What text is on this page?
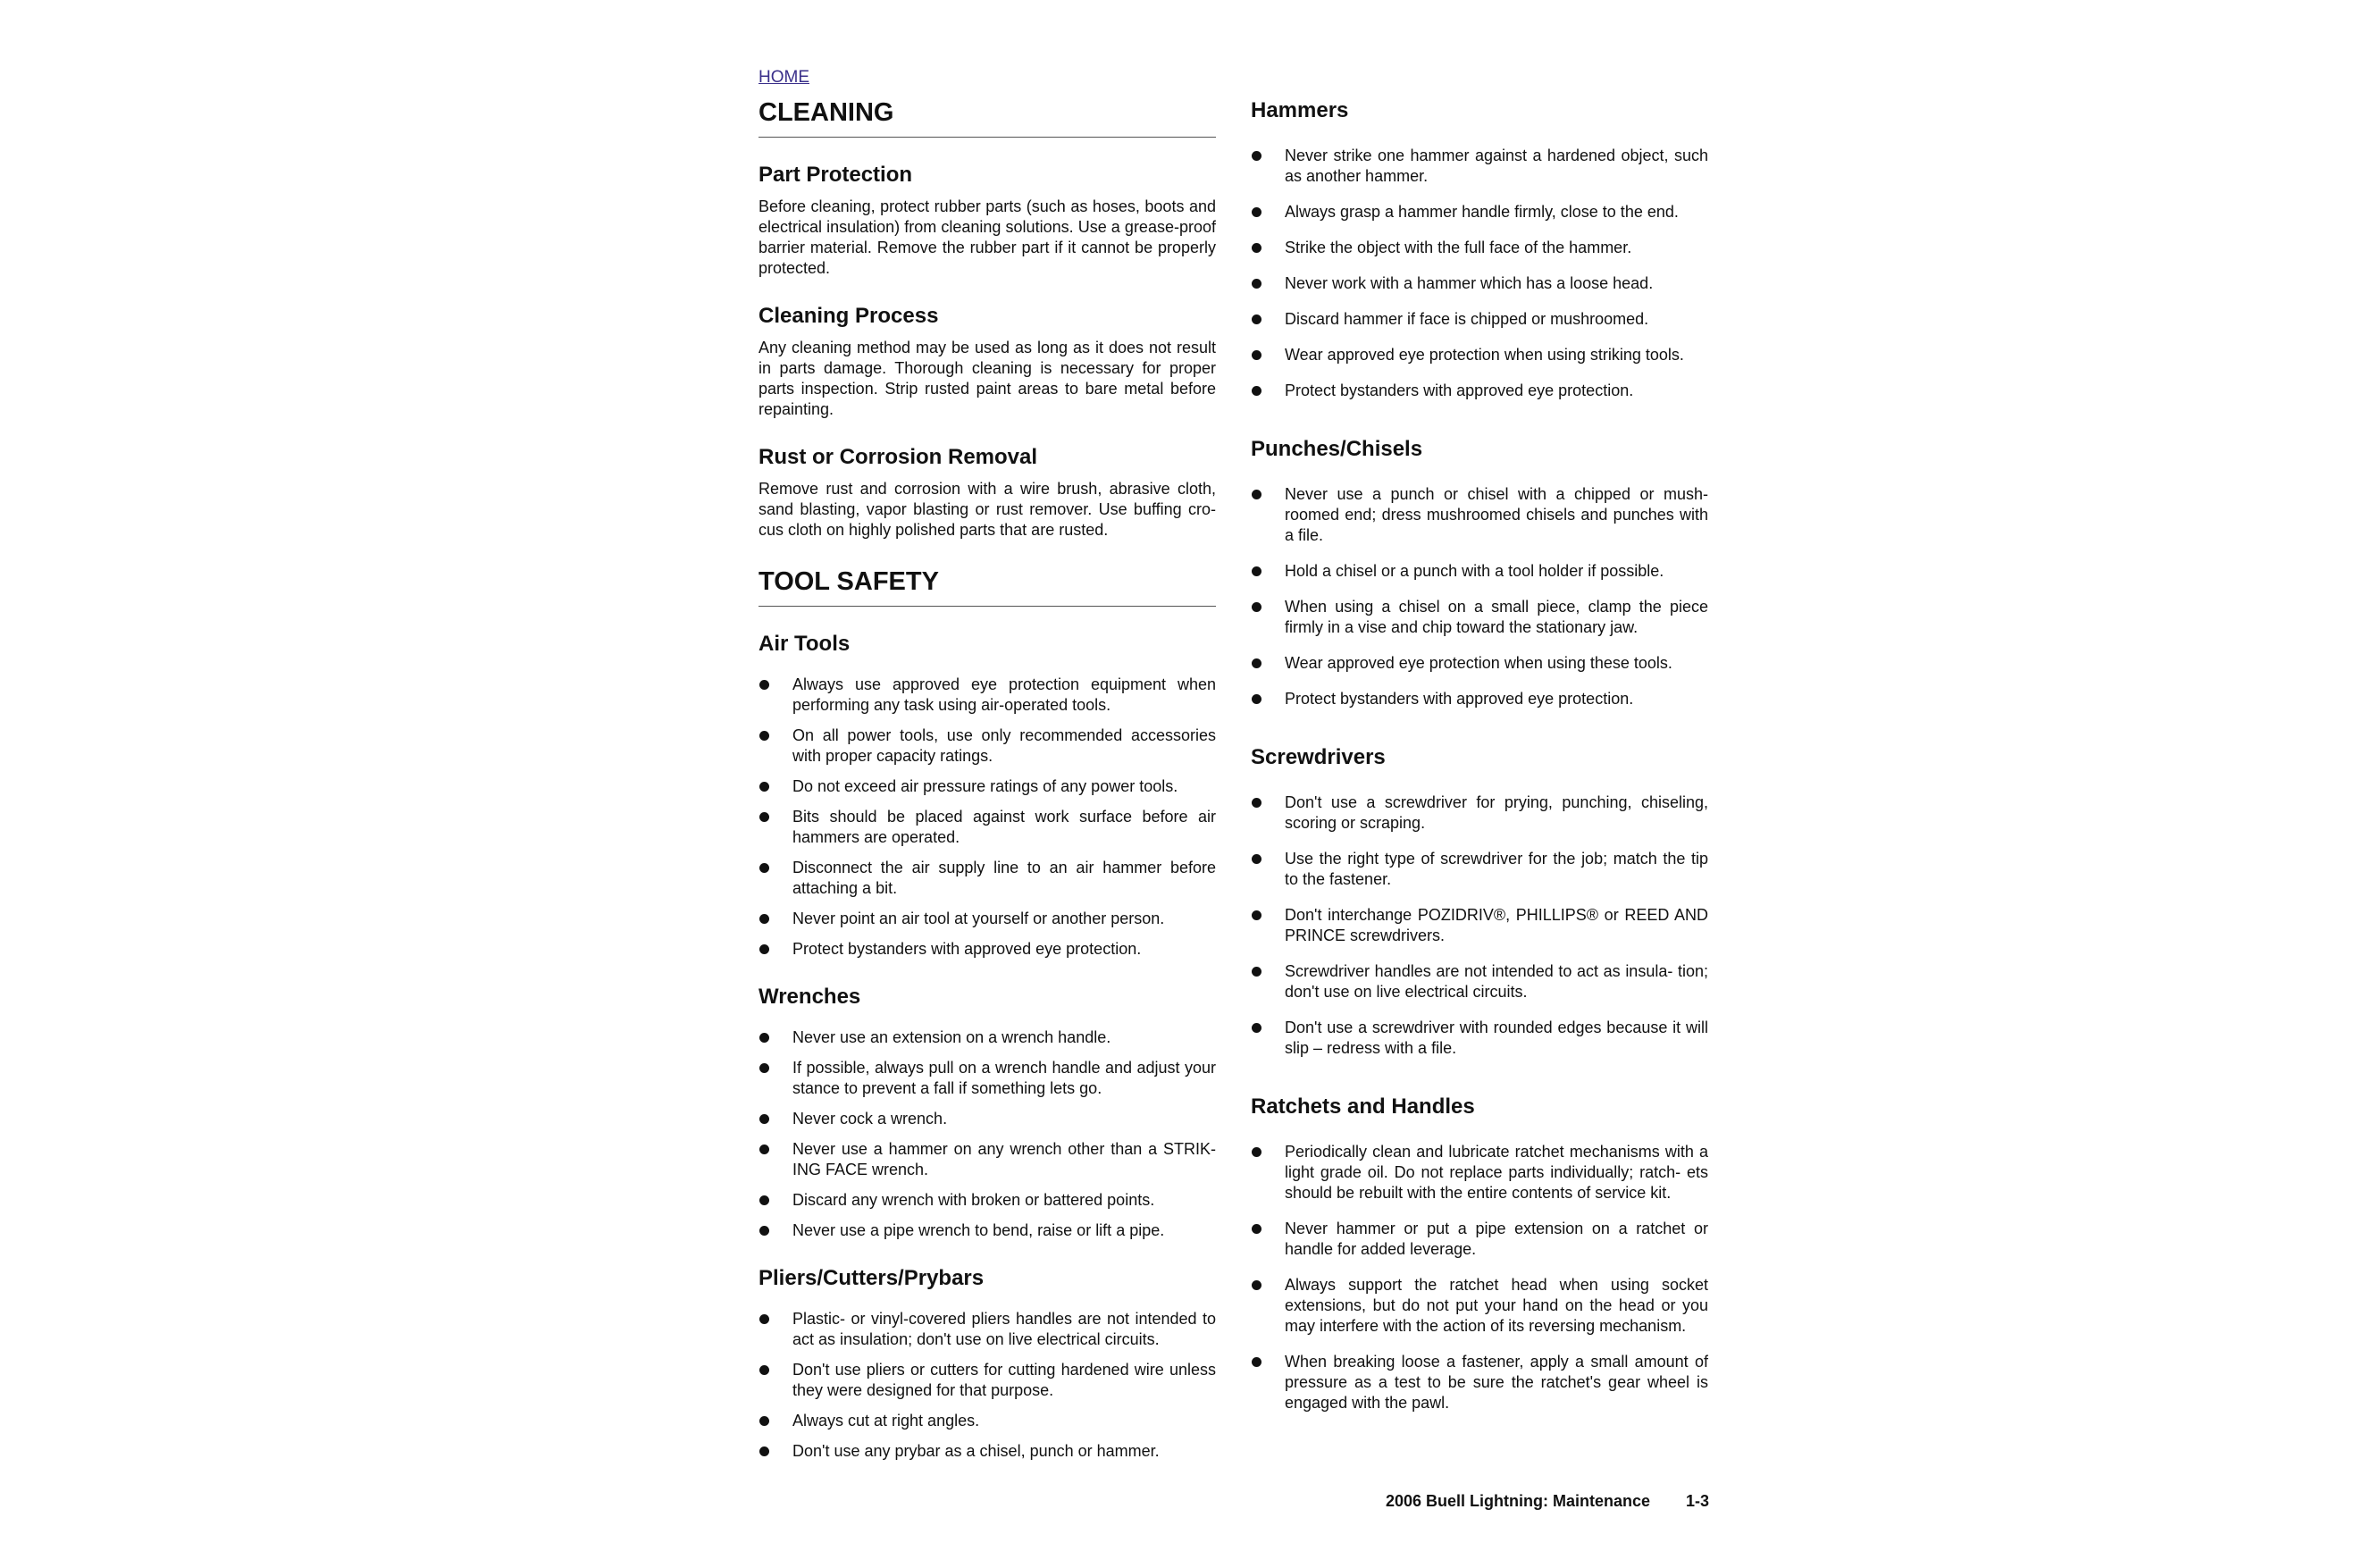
HOME
CLEANING
Part Protection

Before cleaning, protect rubber parts (such as hoses, boots and electrical insulation) from cleaning solutions. Use a grease-proof barrier material. Remove the rubber part if it cannot be properly protected.

Cleaning Process

Any cleaning method may be used as long as it does not result in parts damage. Thorough cleaning is necessary for proper parts inspection. Strip rusted paint areas to bare metal before repainting.

Rust or Corrosion Removal

Remove rust and corrosion with a wire brush, abrasive cloth, sand blasting, vapor blasting or rust remover. Use buffing cro- cus cloth on highly polished parts that are rusted.

TOOL SAFETY
Air Tools
Always use approved eye protection equipment when performing any task using air-operated tools.
On all power tools, use only recommended accessories with proper capacity ratings.
Do not exceed air pressure ratings of any power tools.
Bits should be placed against work surface before air hammers are operated.
Disconnect the air supply line to an air hammer before attaching a bit.
Never point an air tool at yourself or another person.
Protect bystanders with approved eye protection.
Wrenches
Never use an extension on a wrench handle.
If possible, always pull on a wrench handle and adjust your stance to prevent a fall if something lets go.
Never cock a wrench.
Never use a hammer on any wrench other than a STRIK- ING FACE wrench.
Discard any wrench with broken or battered points.
Never use a pipe wrench to bend, raise or lift a pipe.
Pliers/Cutters/Prybars
Plastic- or vinyl-covered pliers handles are not intended to act as insulation; don't use on live electrical circuits.
Don't use pliers or cutters for cutting hardened wire unless they were designed for that purpose.
Always cut at right angles.
Don't use any prybar as a chisel, punch or hammer.
Hammers
Never strike one hammer against a hardened object, such as another hammer.
Always grasp a hammer handle firmly, close to the end.
Strike the object with the full face of the hammer.
Never work with a hammer which has a loose head.
Discard hammer if face is chipped or mushroomed.
Wear approved eye protection when using striking tools.
Protect bystanders with approved eye protection.
Punches/Chisels
Never use a punch or chisel with a chipped or mush- roomed end; dress mushroomed chisels and punches with a file.
Hold a chisel or a punch with a tool holder if possible.
When using a chisel on a small piece, clamp the piece firmly in a vise and chip toward the stationary jaw.
Wear approved eye protection when using these tools.
Protect bystanders with approved eye protection.
Screwdrivers
Don't use a screwdriver for prying, punching, chiseling, scoring or scraping.
Use the right type of screwdriver for the job; match the tip to the fastener.
Don't interchange POZIDRIV®, PHILLIPS® or REED AND PRINCE screwdrivers.
Screwdriver handles are not intended to act as insula- tion; don't use on live electrical circuits.
Don't use a screwdriver with rounded edges because it will slip – redress with a file.
Ratchets and Handles
Periodically clean and lubricate ratchet mechanisms with a light grade oil. Do not replace parts individually; ratch- ets should be rebuilt with the entire contents of service kit.
Never hammer or put a pipe extension on a ratchet or handle for added leverage.
Always support the ratchet head when using socket extensions, but do not put your hand on the head or you may interfere with the action of its reversing mechanism.
When breaking loose a fastener, apply a small amount of pressure as a test to be sure the ratchet's gear wheel is engaged with the pawl.
2006 Buell Lightning: Maintenance 1-3
